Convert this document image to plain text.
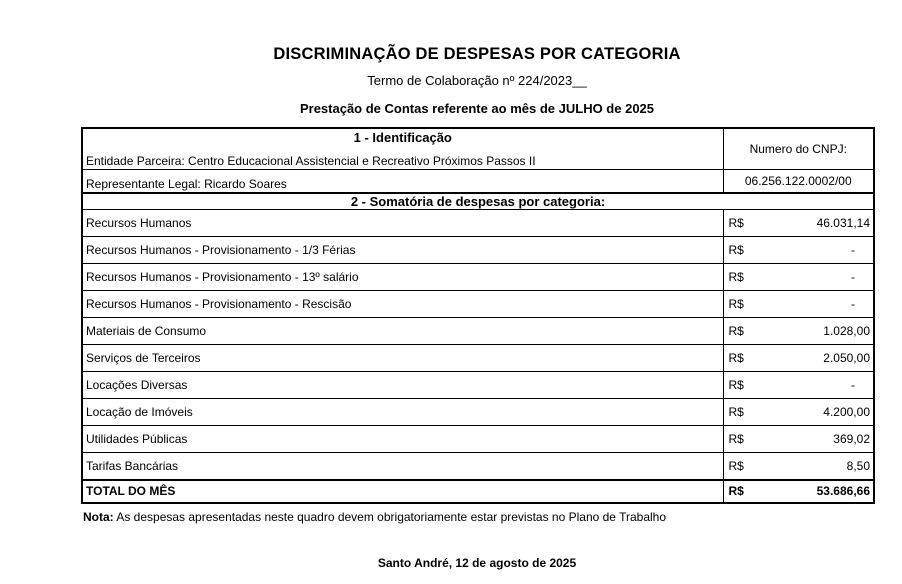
DISCRIMINAÇÃO DE DESPESAS POR CATEGORIA
Termo de Colaboração nº 224/2023__
Prestação de Contas referente ao mês de JULHO de 2025
1 - Identificação	Numero do CNPJ:	
Entidade Parceira: Centro Educacional Assistencial e Recreativo Próximos Passos II		
Representante Legal: Ricardo Soares	06.256.122.0002/00	
2 - Somatória de despesas por categoria:		
Recursos Humanos	R$	46.031,14
Recursos Humanos - Provisionamento - 1/3 Férias	R$	-
Recursos Humanos - Provisionamento - 13º salário	R$	-
Recursos Humanos - Provisionamento - Rescisão	R$	-
Materiais de Consumo	R$	1.028,00
Serviços de Terceiros	R$	2.050,00
Locações Diversas	R$	-
Locação de Imóveis	R$	4.200,00
Utilidades Públicas	R$	369,02
Tarifas Bancárias	R$	8,50
TOTAL DO MÊS	R$	53.686,66
Nota: As despesas apresentadas neste quadro devem obrigatoriamente estar previstas no Plano de Trabalho
Santo André, 12 de agosto de 2025
